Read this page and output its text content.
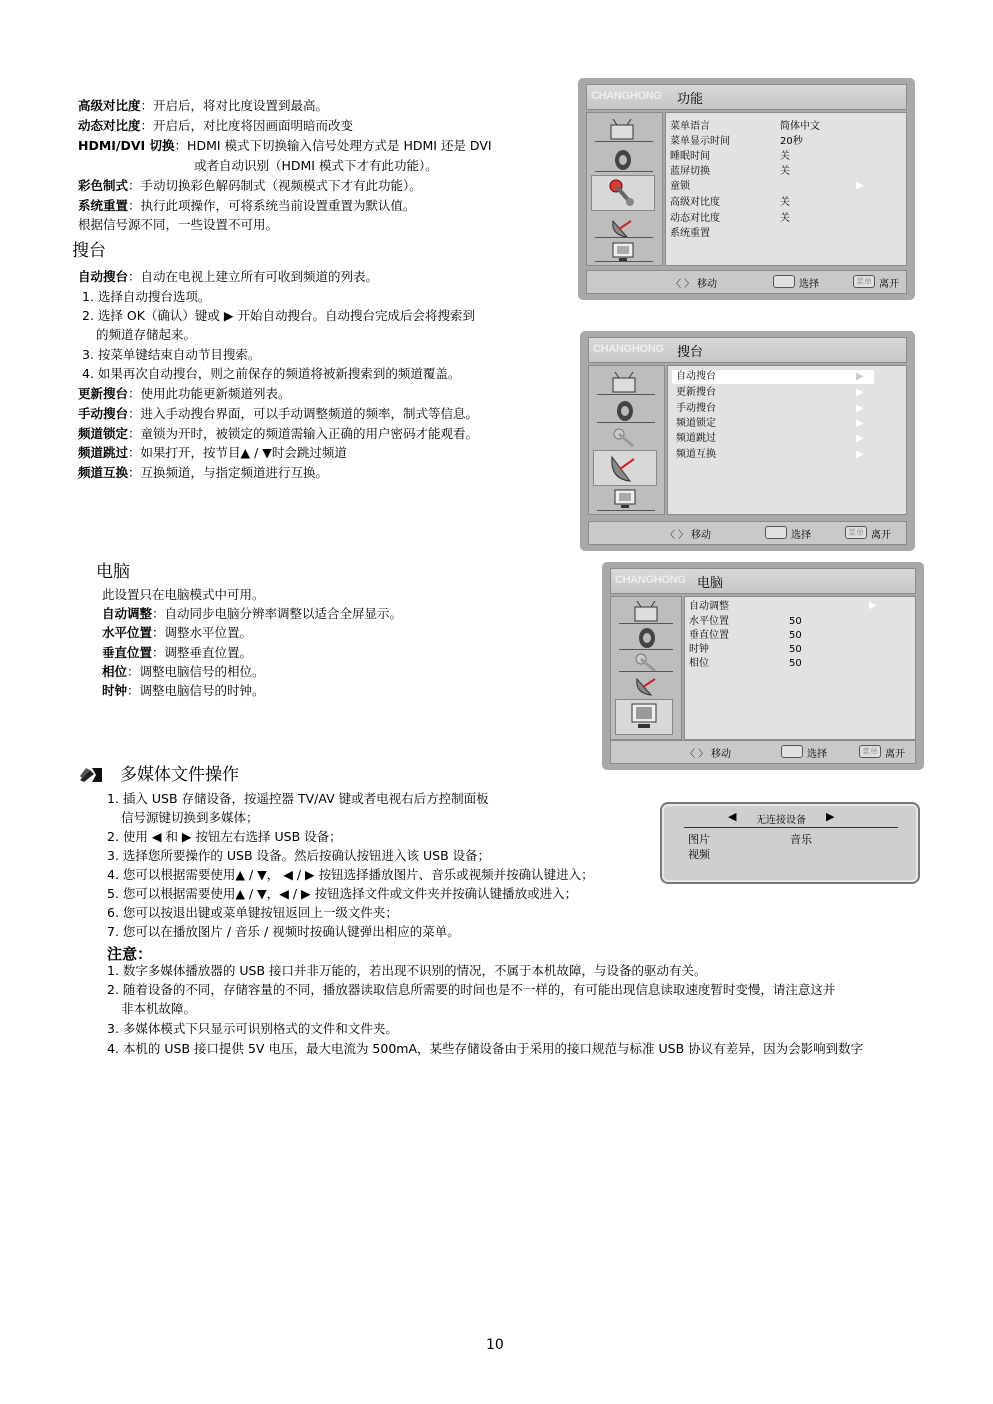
高级对比度：开启后，将对比度设置到最高。
动态对比度：开启后，对比度将因画面明暗而改变
HDMI/DVI 切换：HDMI 模式下切换输入信号处理方式是 HDMI 还是 DVI
或者自动识别（HDMI 模式下才有此功能）。
彩色制式：手动切换彩色解码制式（视频模式下才有此功能）。
系统重置：执行此项操作，可将系统当前设置重置为默认值。
根据信号源不同，一些设置不可用。
搜台
自动搜台：自动在电视上建立所有可收到频道的列表。
1. 选择自动搜台选项。
2. 选择 OK（确认）键或 ▶ 开始自动搜台。自动搜台完成后会将搜索到
的频道存储起来。
3. 按菜单键结束自动节目搜索。
4. 如果再次自动搜台，则之前保存的频道将被新搜索到的频道覆盖。
更新搜台：使用此功能更新频道列表。
手动搜台：进入手动搜台界面，可以手动调整频道的频率，制式等信息。
频道锁定：童锁为开时，被锁定的频道需输入正确的用户密码才能观看。
频道跳过：如果打开，按节目▲ / ▼时会跳过频道
频道互换：互换频道，与指定频道进行互换。
电脑
此设置只在电脑模式中可用。
自动调整：自动同步电脑分辨率调整以适合全屏显示。
水平位置：调整水平位置。
垂直位置：调整垂直位置。
相位：调整电脑信号的相位。
时钟：调整电脑信号的时钟。
多媒体文件操作
1. 插入 USB 存储设备，按遥控器 TV/AV 键或者电视右后方控制面板
信号源键切换到多媒体；
2. 使用 ◀ 和 ▶ 按钮左右选择 USB 设备；
3. 选择您所要操作的 USB 设备。然后按确认按钮进入该 USB 设备；
4. 您可以根据需要使用▲ / ▼， ◀ / ▶ 按钮选择播放图片、音乐或视频并按确认键进入；
5. 您可以根据需要使用▲ / ▼，◀ / ▶ 按钮选择文件或文件夹并按确认键播放或进入；
6. 您可以按退出键或菜单键按钮返回上一级文件夹；
7. 您可以在播放图片 / 音乐 / 视频时按确认键弹出相应的菜单。
注意：
1. 数字多媒体播放器的 USB 接口并非万能的，若出现不识别的情况，不属于本机故障，与设备的驱动有关。
2. 随着设备的不同，存储容量的不同，播放器读取信息所需要的时间也是不一样的，有可能出现信息读取速度暂时变慢，请注意这并
非本机故障。
3. 多媒体模式下只显示可识别格式的文件和文件夹。
4. 本机的 USB 接口提供 5V 电压，最大电流为 500mA，某些存储设备由于采用的接口规范与标准 USB 协议有差异，因为会影响到数字
10
CHANGHONG 功能
菜单语言	简体中文
菜单显示时间	20秒
睡眠时间	关
蓝屏切换	关
童锁	▶
高级对比度	关
动态对比度	关
系统重置
〈 〉 移动	选择	菜单 离开
CHANGHONG 搜台
自动搜台	▶
更新搜台	▶
手动搜台	▶
频道锁定	▶
频道跳过	▶
频道互换	▶
〈 〉 移动	选择	菜单 离开
CHANGHONG 电脑
自动调整	▶
水平位置	50
垂直位置	50
时钟	50
相位	50
〈 〉 移动	选择	菜单 离开
◀ 无连接设备 ▶
图片	音乐
视频
